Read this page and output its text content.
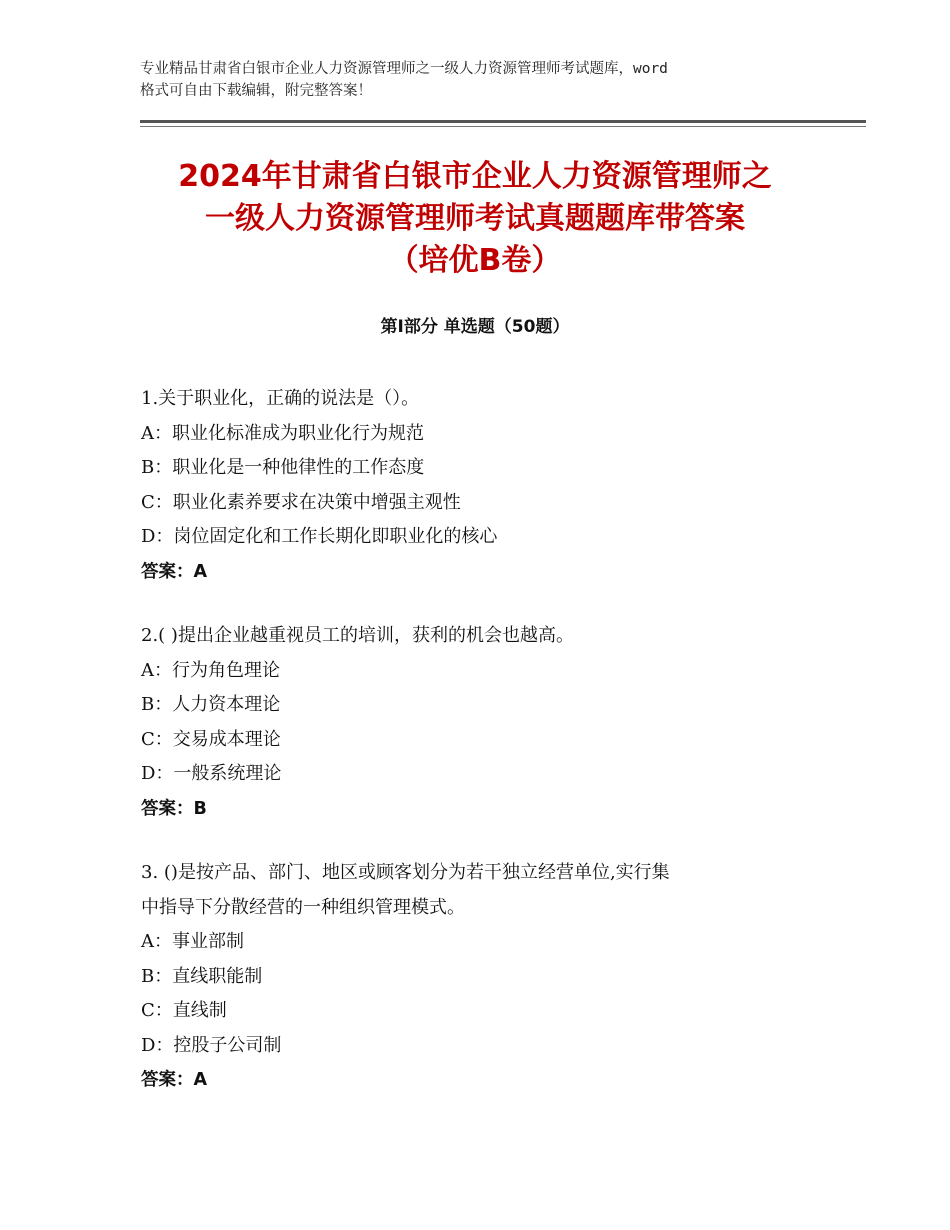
专业精品甘肃省白银市企业人力资源管理师之一级人力资源管理师考试题库，word
格式可自由下载编辑，附完整答案！
2024年甘肃省白银市企业人力资源管理师之
一级人力资源管理师考试真题题库带答案
（培优B卷）
第Ⅰ部分 单选题（50题）
1.关于职业化，正确的说法是（）。
A：职业化标准成为职业化行为规范
B：职业化是一种他律性的工作态度
C：职业化素养要求在决策中增强主观性
D：岗位固定化和工作长期化即职业化的核心
答案：A
2.( )提出企业越重视员工的培训，获利的机会也越高。
A：行为角色理论
B：人力资本理论
C：交易成本理论
D：一般系统理论
答案：B
3. ()是按产品、部门、地区或顾客划分为若干独立经营单位,实行集
中指导下分散经营的一种组织管理模式。
A：事业部制
B：直线职能制
C：直线制
D：控股子公司制
答案：A
